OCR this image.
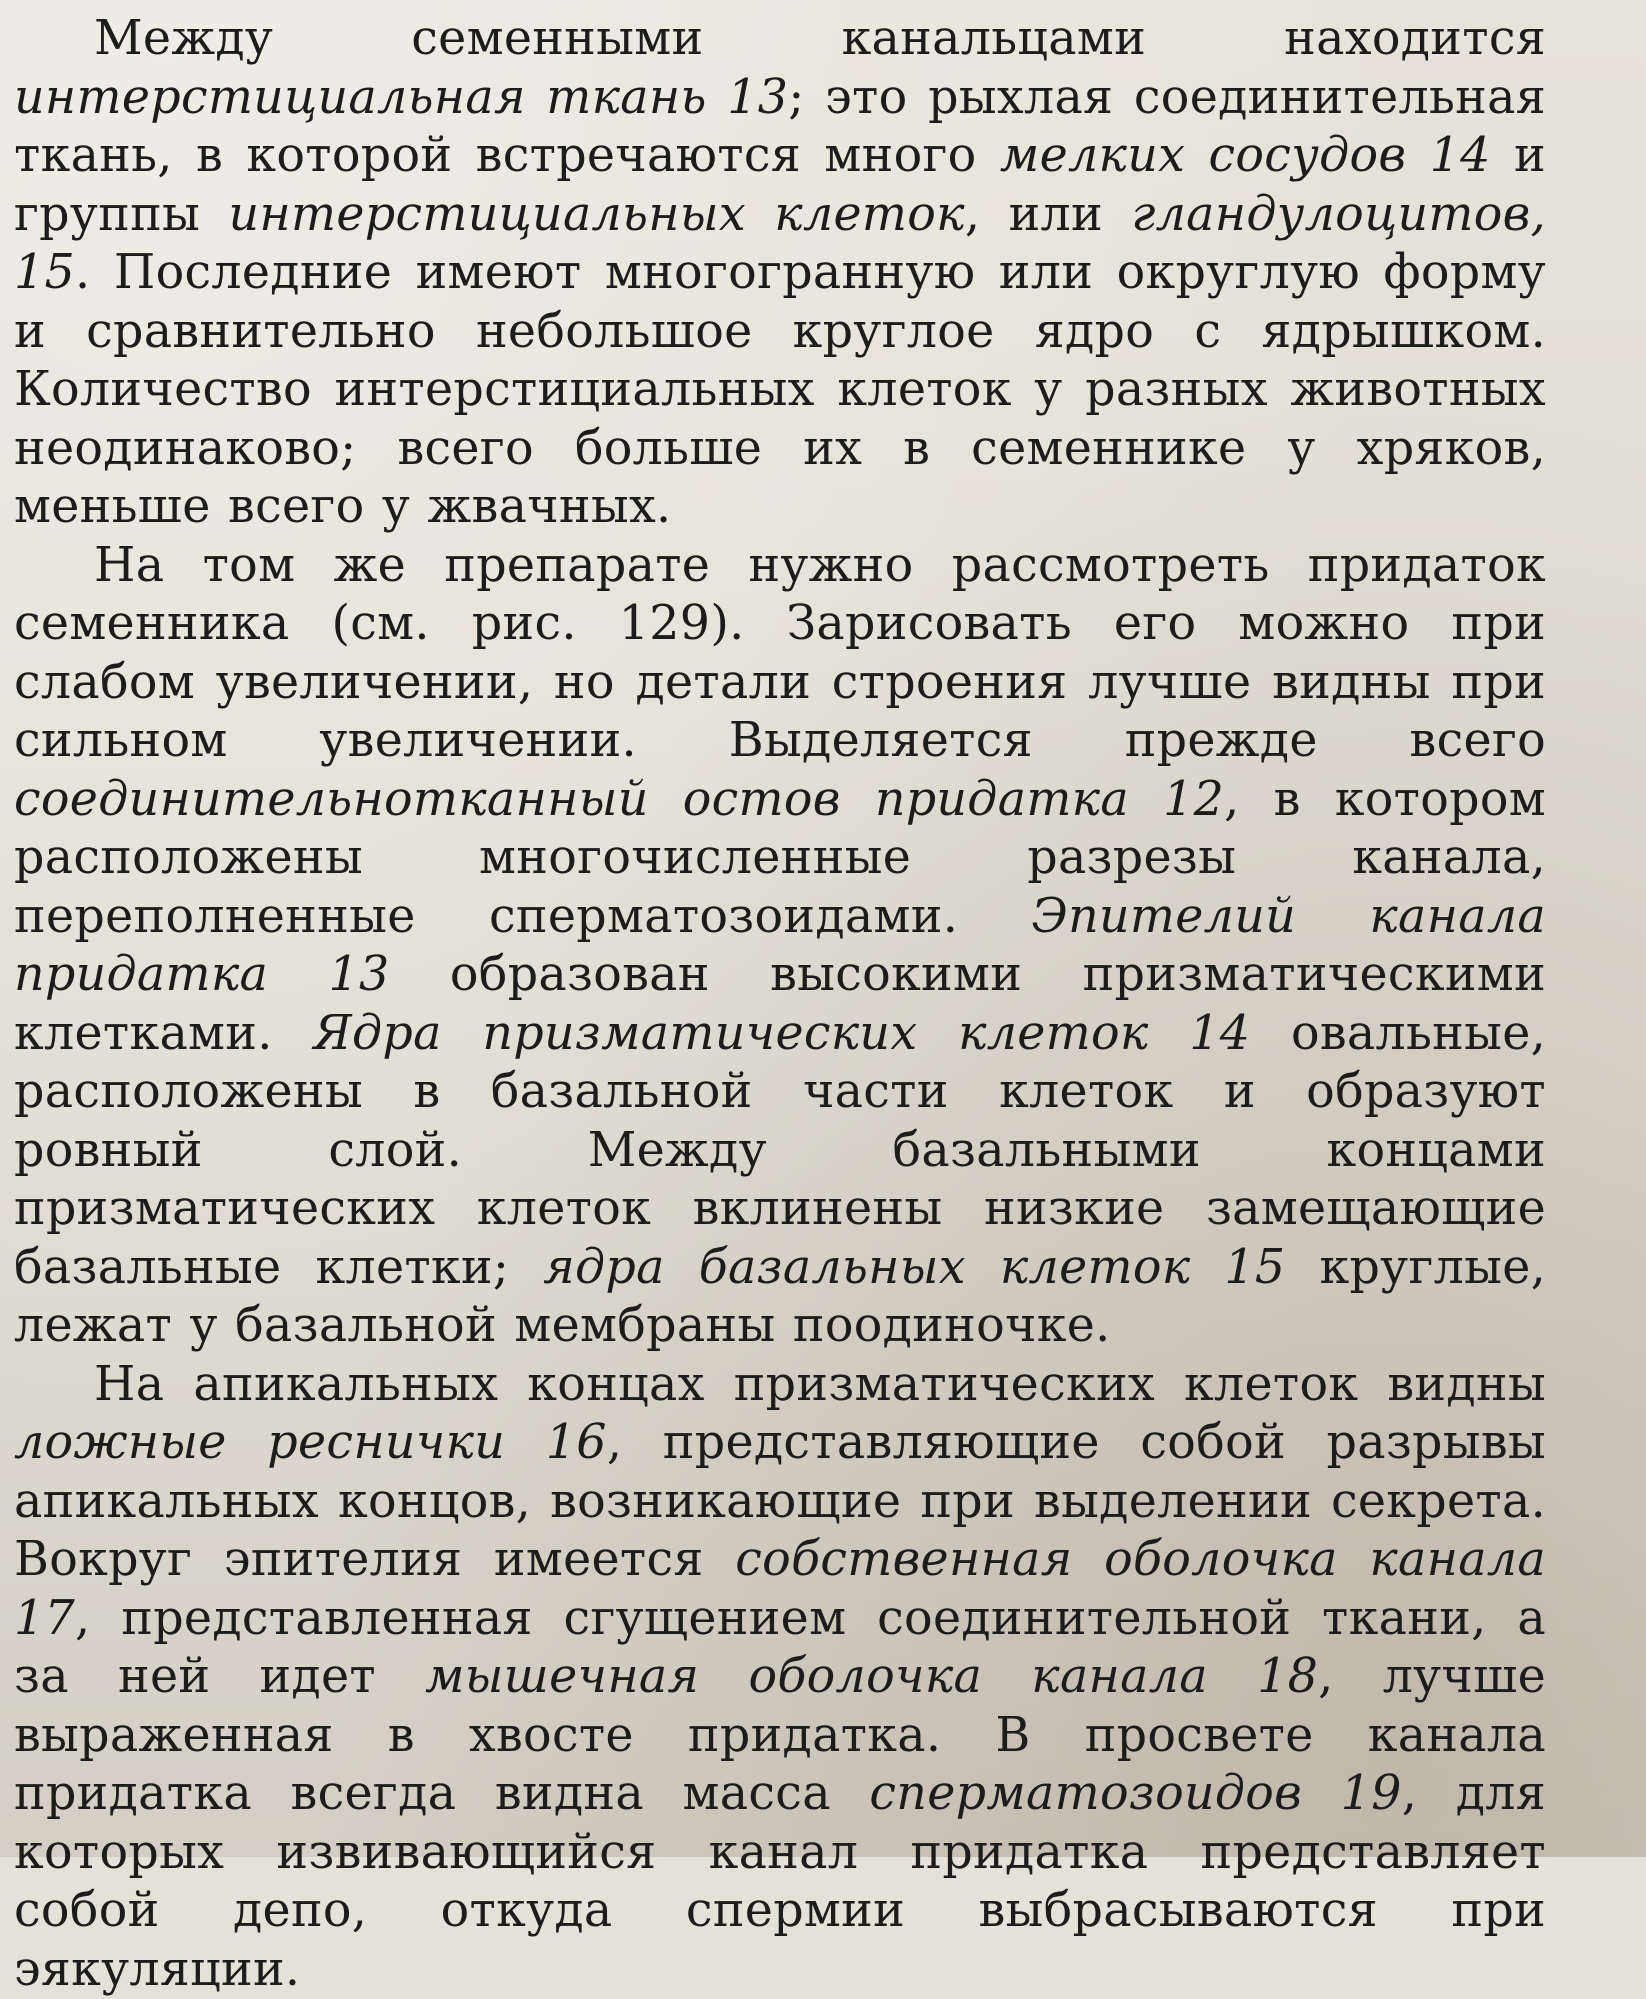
Между семенными канальцами находится интерстициальная ткань 13; это рыхлая соединительная ткань, в которой встречаются много мелких сосудов 14 и группы интерстициальных клеток, или гландулоцитов, 15. Последние имеют многогранную или округлую форму и сравнительно небольшое круглое ядро с ядрышком. Количество интерстициальных клеток у разных животных неодинаково; всего больше их в семеннике у хряков, меньше всего у жвачных.

На том же препарате нужно рассмотреть придаток семенника (см. рис. 129). Зарисовать его можно при слабом увеличении, но детали строения лучше видны при сильном увеличении. Выделяется прежде всего соединительнотканный остов придатка 12, в котором расположены многочисленные разрезы канала, переполненные сперматозоидами. Эпителий канала придатка 13 образован высокими призматическими клетками. Ядра призматических клеток 14 овальные, расположены в базальной части клеток и образуют ровный слой. Между базальными концами призматических клеток вклинены низкие замещающие базальные клетки; ядра базальных клеток 15 круглые, лежат у базальной мембраны поодиночке.

На апикальных концах призматических клеток видны ложные реснички 16, представляющие собой разрывы апикальных концов, возникающие при выделении секрета. Вокруг эпителия имеется собственная оболочка канала 17, представленная сгущением соединительной ткани, а за ней идет мышечная оболочка канала 18, лучше выраженная в хвосте придатка. В просвете канала придатка всегда видна масса сперматозоидов 19, для которых извивающийся канал придатка представляет собой депо, откуда спермии выбрасываются при эякуляции.
